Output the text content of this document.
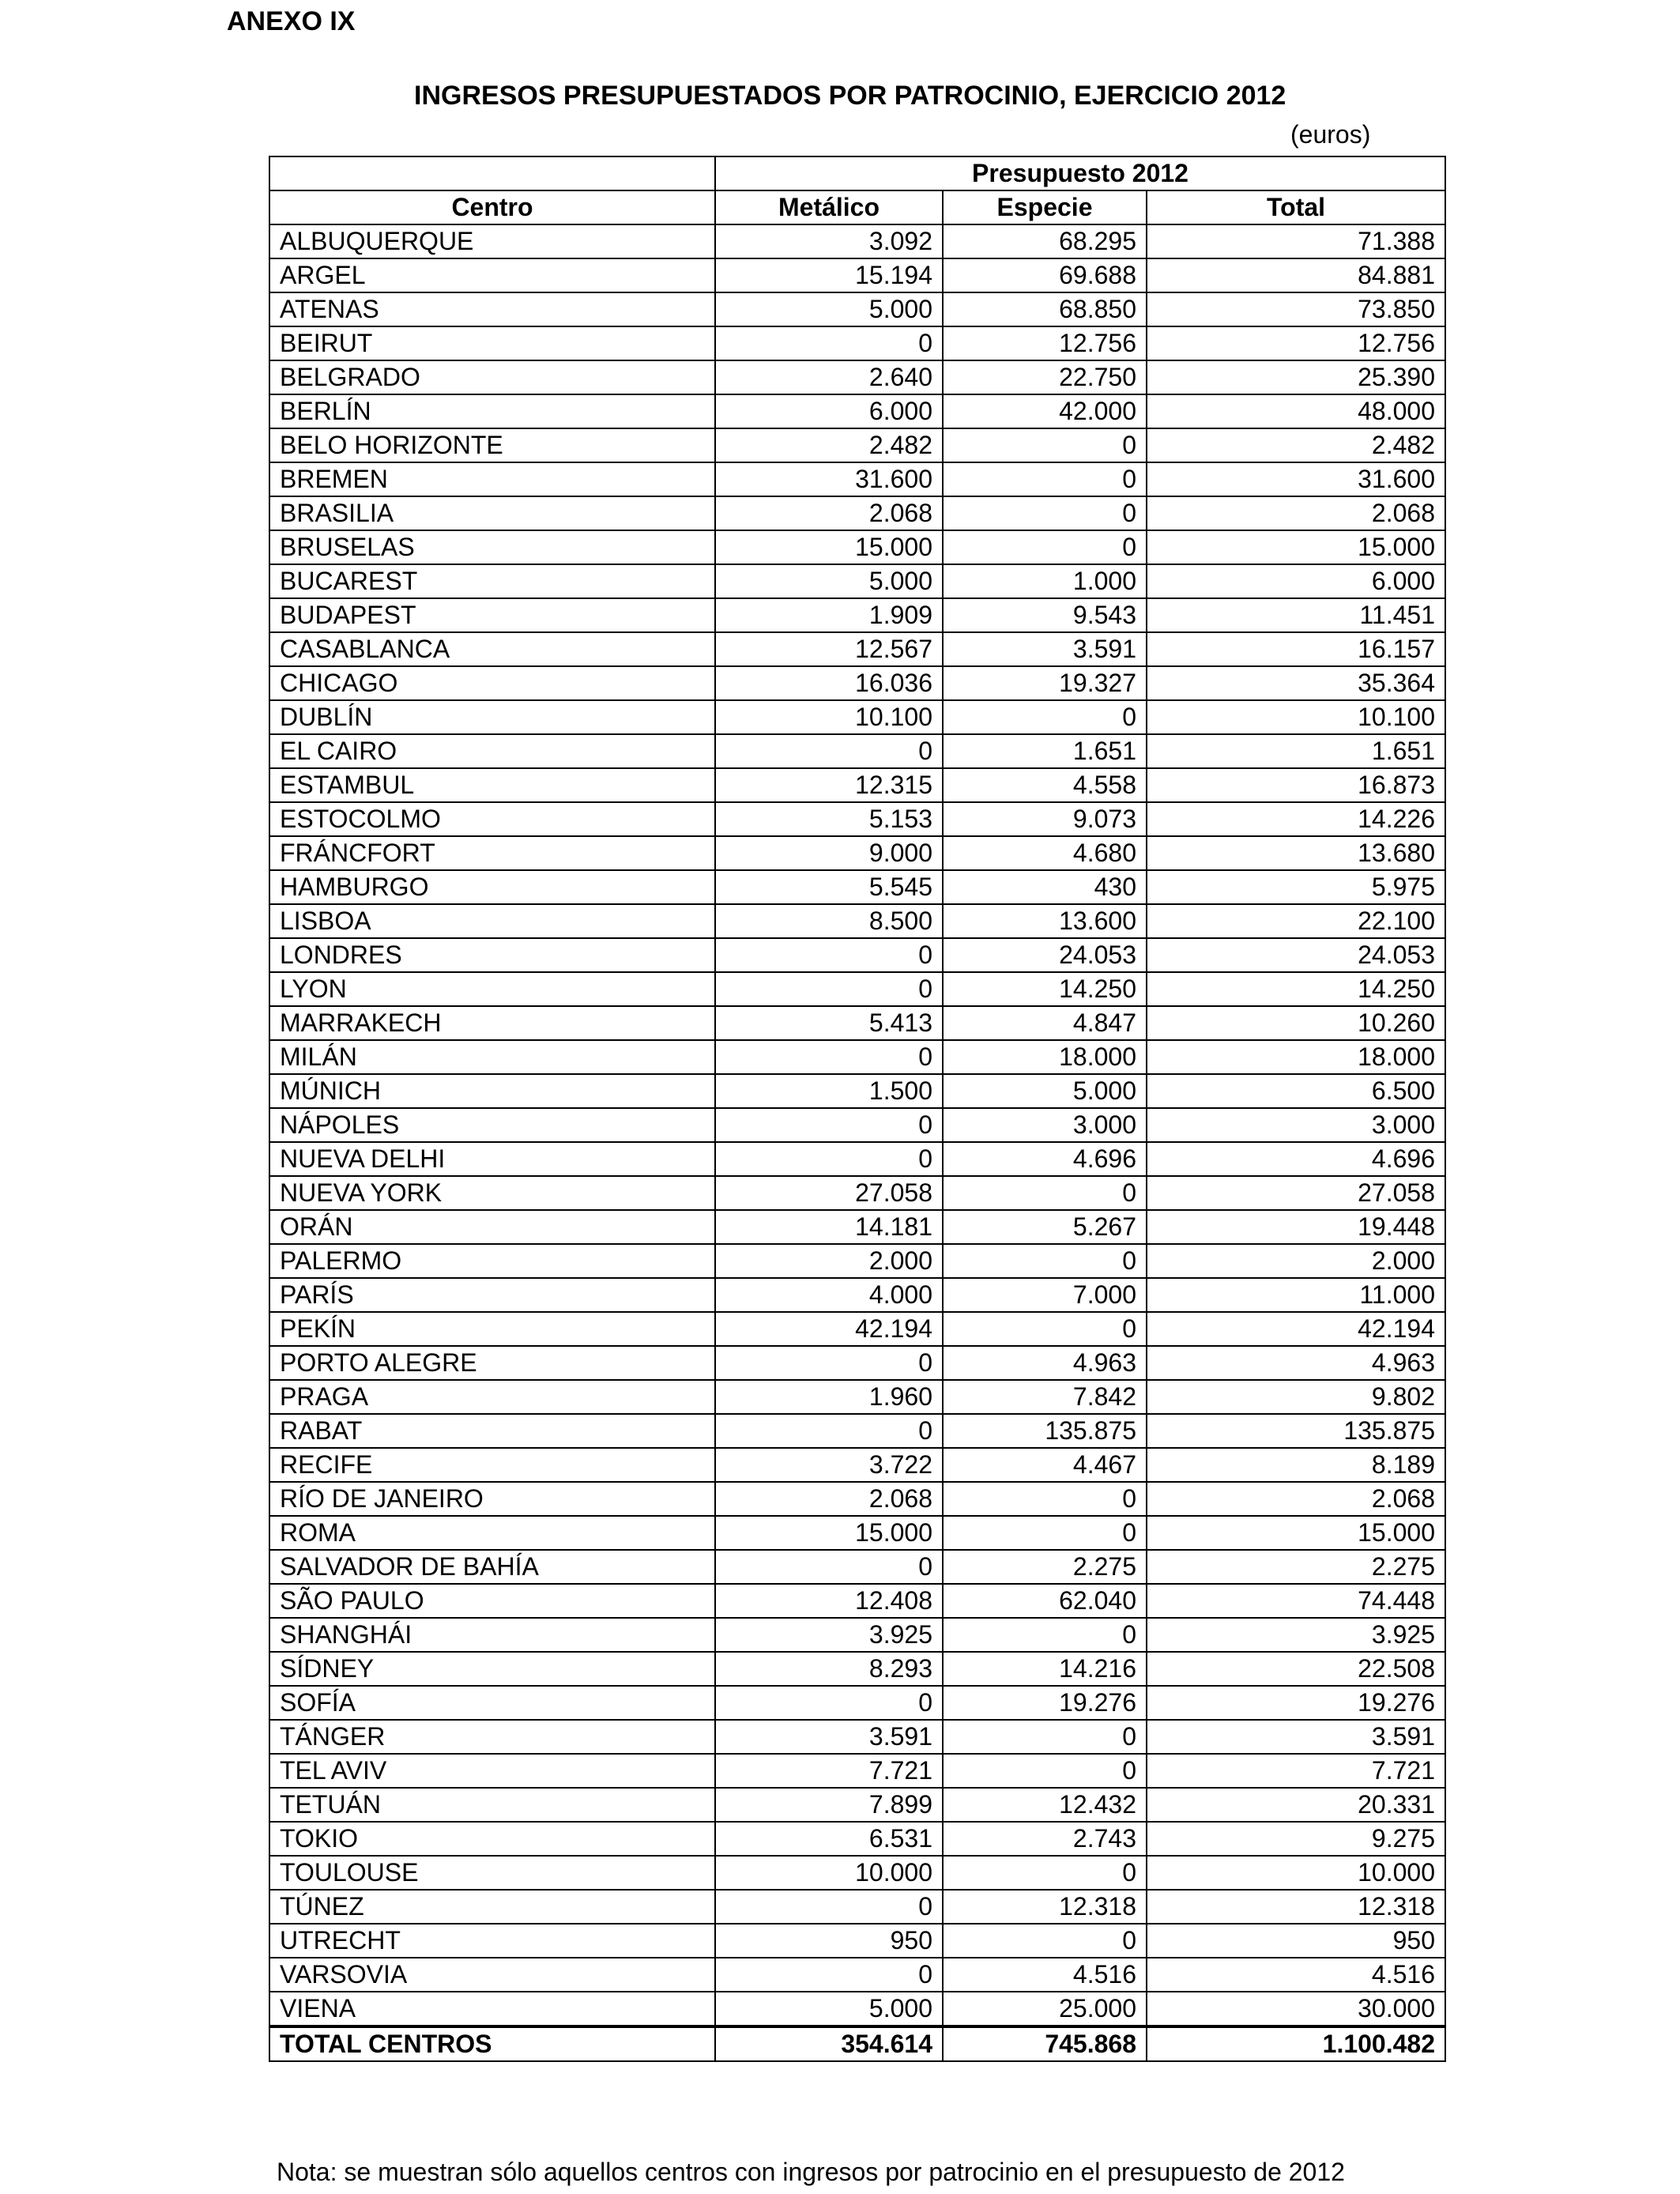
ANEXO IX
INGRESOS PRESUPUESTADOS POR PATROCINIO, EJERCICIO 2012
(euros)
	Presupuesto 2012		
Centro	Metálico	Especie	Total
ALBUQUERQUE	3.092	68.295	71.388
ARGEL	15.194	69.688	84.881
ATENAS	5.000	68.850	73.850
BEIRUT	0	12.756	12.756
BELGRADO	2.640	22.750	25.390
BERLÍN	6.000	42.000	48.000
BELO HORIZONTE	2.482	0	2.482
BREMEN	31.600	0	31.600
BRASILIA	2.068	0	2.068
BRUSELAS	15.000	0	15.000
BUCAREST	5.000	1.000	6.000
BUDAPEST	1.909	9.543	11.451
CASABLANCA	12.567	3.591	16.157
CHICAGO	16.036	19.327	35.364
DUBLÍN	10.100	0	10.100
EL CAIRO	0	1.651	1.651
ESTAMBUL	12.315	4.558	16.873
ESTOCOLMO	5.153	9.073	14.226
FRÁNCFORT	9.000	4.680	13.680
HAMBURGO	5.545	430	5.975
LISBOA	8.500	13.600	22.100
LONDRES	0	24.053	24.053
LYON	0	14.250	14.250
MARRAKECH	5.413	4.847	10.260
MILÁN	0	18.000	18.000
MÚNICH	1.500	5.000	6.500
NÁPOLES	0	3.000	3.000
NUEVA DELHI	0	4.696	4.696
NUEVA YORK	27.058	0	27.058
ORÁN	14.181	5.267	19.448
PALERMO	2.000	0	2.000
PARÍS	4.000	7.000	11.000
PEKÍN	42.194	0	42.194
PORTO ALEGRE	0	4.963	4.963
PRAGA	1.960	7.842	9.802
RABAT	0	135.875	135.875
RECIFE	3.722	4.467	8.189
RÍO DE JANEIRO	2.068	0	2.068
ROMA	15.000	0	15.000
SALVADOR DE BAHÍA	0	2.275	2.275
SÃO PAULO	12.408	62.040	74.448
SHANGHÁI	3.925	0	3.925
SÍDNEY	8.293	14.216	22.508
SOFÍA	0	19.276	19.276
TÁNGER	3.591	0	3.591
TEL AVIV	7.721	0	7.721
TETUÁN	7.899	12.432	20.331
TOKIO	6.531	2.743	9.275
TOULOUSE	10.000	0	10.000
TÚNEZ	0	12.318	12.318
UTRECHT	950	0	950
VARSOVIA	0	4.516	4.516
VIENA	5.000	25.000	30.000
TOTAL CENTROS	354.614	745.868	1.100.482
Nota: se muestran sólo aquellos centros con ingresos por patrocinio en el presupuesto de 2012
